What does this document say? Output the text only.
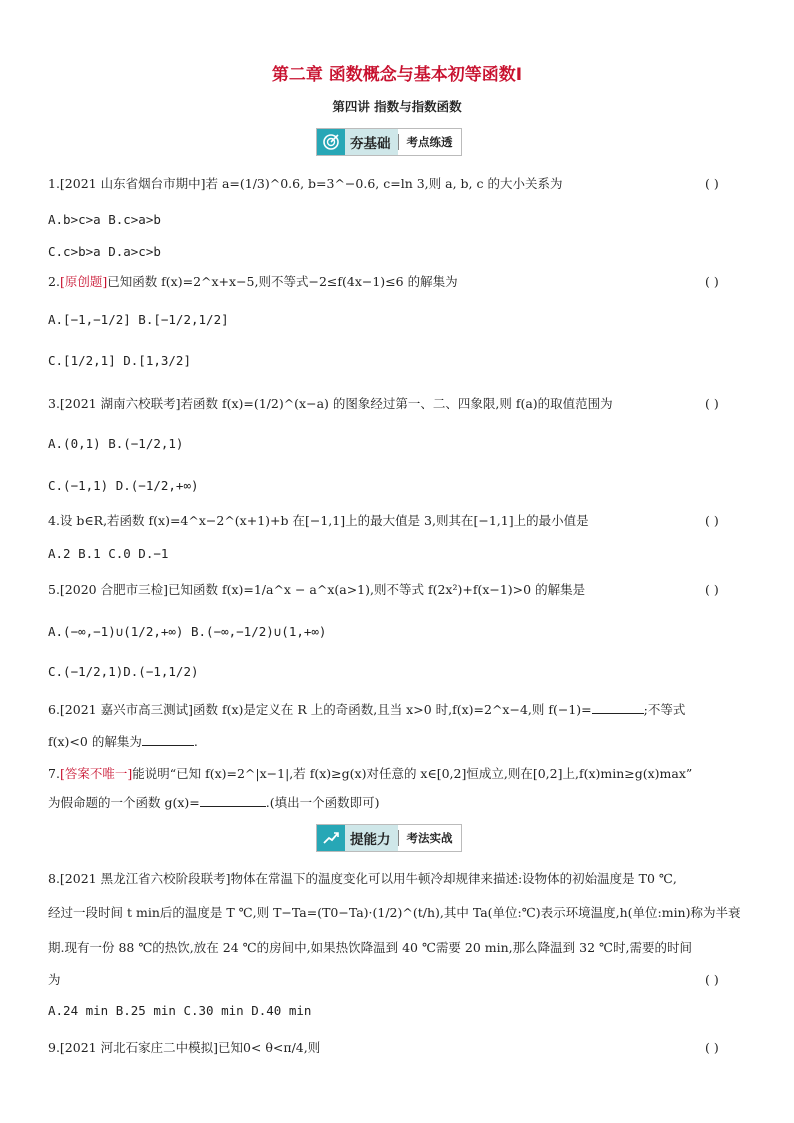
第二章 函数概念与基本初等函数Ⅰ
第四讲 指数与指数函数
夯基础	考点练透
1.[2021 山东省烟台市期中]若 a=(1/3)^0.6, b=3^−0.6, c=ln 3,则 a, b, c 的大小关系为	( )
A.b>c>a B.c>a>b
C.c>b>a D.a>c>b
2.[原创题]已知函数 f(x)=2^x+x−5,则不等式−2≤f(4x−1)≤6 的解集为	( )
A.[−1,−1/2] B.[−1/2,1/2]
C.[1/2,1] D.[1,3/2]
3.[2021 湖南六校联考]若函数 f(x)=(1/2)^(x−a) 的图象经过第一、二、四象限,则 f(a)的取值范围为	( )
A.(0,1) B.(−1/2,1)
C.(−1,1) D.(−1/2,+∞)
4.设 b∈R,若函数 f(x)=4^x−2^(x+1)+b 在[−1,1]上的最大值是 3,则其在[−1,1]上的最小值是	( )
A.2 B.1 C.0 D.−1
5.[2020 合肥市三检]已知函数 f(x)=1/a^x − a^x(a>1),则不等式 f(2x²)+f(x−1)>0 的解集是	( )
A.(−∞,−1)∪(1/2,+∞) B.(−∞,−1/2)∪(1,+∞)
C.(−1/2,1)D.(−1,1/2)
6.[2021 嘉兴市高三测试]函数 f(x)是定义在 R 上的奇函数,且当 x>0 时,f(x)=2^x−4,则 f(−1)=	;不等式
f(x)<0 的解集为	.
7.[答案不唯一]能说明“已知 f(x)=2^|x−1|,若 f(x)≥g(x)对任意的 x∈[0,2]恒成立,则在[0,2]上,f(x)min≥g(x)max”
为假命题的一个函数 g(x)=	.(填出一个函数即可)
提能力	考法实战
8.[2021 黑龙江省六校阶段联考]物体在常温下的温度变化可以用牛顿冷却规律来描述:设物体的初始温度是 T0 ℃,
经过一段时间 t min后的温度是 T ℃,则 T−Ta=(T0−Ta)·(1/2)^(t/h),其中 Ta(单位:℃)表示环境温度,h(单位:min)称为半衰
期.现有一份 88 ℃的热饮,放在 24 ℃的房间中,如果热饮降温到 40 ℃需要 20 min,那么降温到 32 ℃时,需要的时间
为	( )
A.24 min B.25 min C.30 min D.40 min
9.[2021 河北石家庄二中模拟]已知0< θ<π/4,则	( )
